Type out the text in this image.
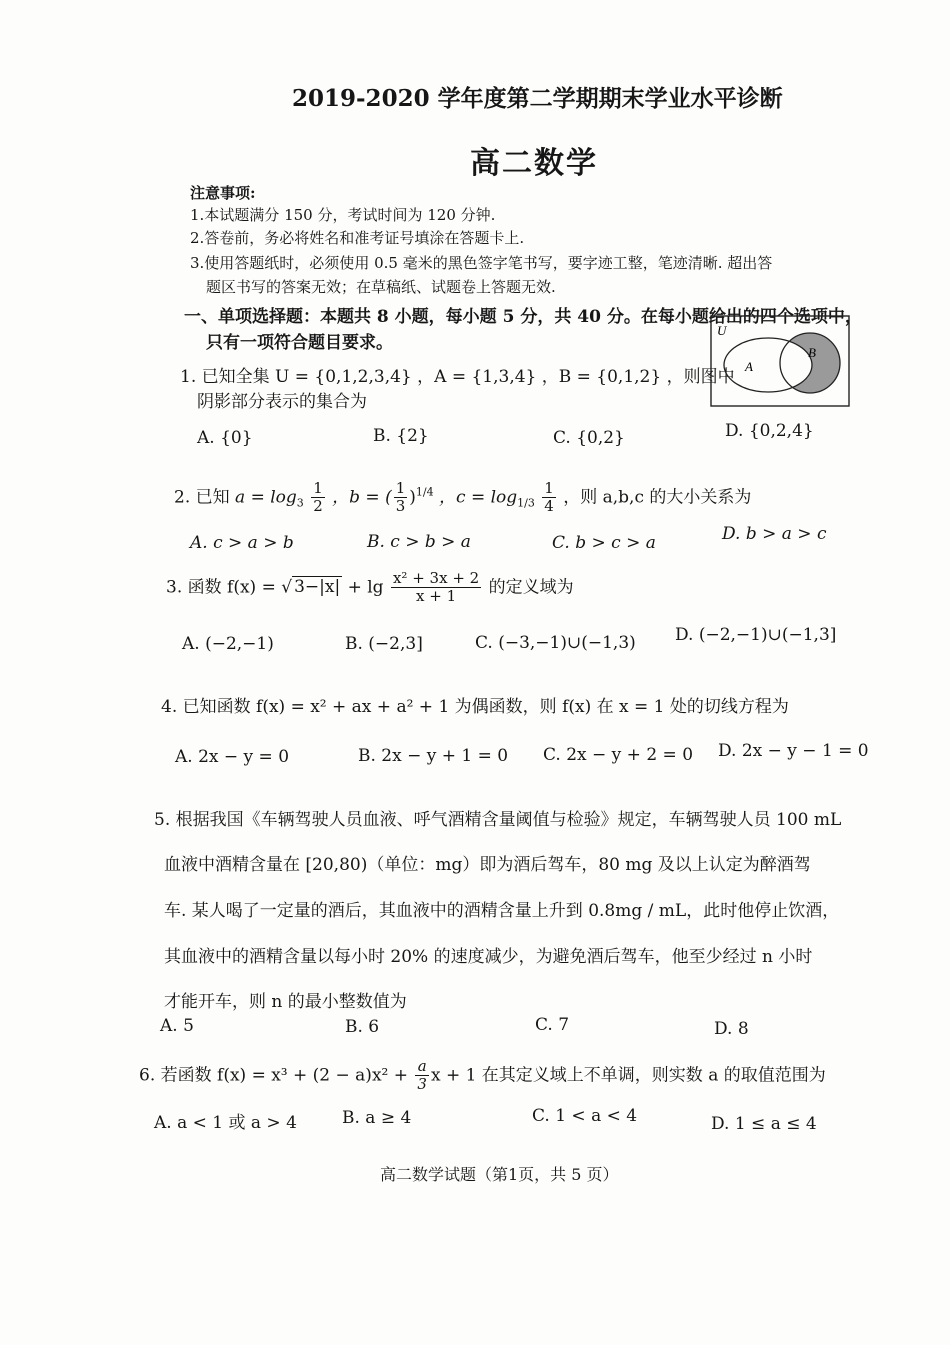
2019-2020 学年度第二学期期末学业水平诊断
高二数学
注意事项:
1.本试题满分 150 分，考试时间为 120 分钟.
2.答卷前，务必将姓名和准考证号填涂在答题卡上.
3.使用答题纸时，必须使用 0.5 毫米的黑色签字笔书写，要字迹工整，笔迹清晰. 超出答
题区书写的答案无效；在草稿纸、试题卷上答题无效.
一、单项选择题：本题共 8 小题，每小题 5 分，共 40 分。在每小题给出的四个选项中，
只有一项符合题目要求。
1. 已知全集 U = {0,1,2,3,4} ，A = {1,3,4} ，B = {0,1,2} ，则图中
阴影部分表示的集合为
U
A
B
A. {0}	B. {2}	C. {0,2}	D. {0,2,4}
2. 已知 $a = \log_3 \frac{1}{2}$ ，b = ( $\frac{1}{3} )^{1/4}$ ，$c = \log_{1/3} \frac{1}{4}$ ，则 a,b,c 的大小关系为
A. c > a > b	B. c > b > a	C. b > c > a	D. b > a > c
3. 函数 f(x) = √ $3-|x| + \lg \frac{\text{x² + 3x + 2}}{x + 1}$ 的定义域为
A. (−2,−1)	B. (−2,3]	C. (−3,−1)∪(−1,3) D. (−2,−1)∪(−1,3]
4. 已知函数 f(x) = x² + ax + a² + 1 为偶函数，则 f(x) 在 x = 1 处的切线方程为
A. 2x − y = 0	B. 2x − y + 1 = 0 C. 2x − y + 2 = 0 D. 2x − y − 1 = 0
5. 根据我国《车辆驾驶人员血液、呼气酒精含量阈值与检验》规定，车辆驾驶人员 100 mL
血液中酒精含量在 [20,80)（单位：mg）即为酒后驾车，80 mg 及以上认定为醉酒驾
车. 某人喝了一定量的酒后，其血液中的酒精含量上升到 0.8mg / mL，此时他停止饮酒，
其血液中的酒精含量以每小时 20% 的速度减少，为避免酒后驾车，他至少经过 n 小时
才能开车，则 n 的最小整数值为
A. 5	B. 6	C. 7	D. 8
6. 若函数 $f(x) = x^3 + (2 - a)x^2 + \frac{a}{3}$ x + 1 在其定义域上不单调，则实数 a 的取值范围为
A. a < 1 或 a > 4	B. a ≥ 4	C. 1 < a < 4	D. 1 ≤ a ≤ 4
高二数学试题（第1页，共 5 页）
